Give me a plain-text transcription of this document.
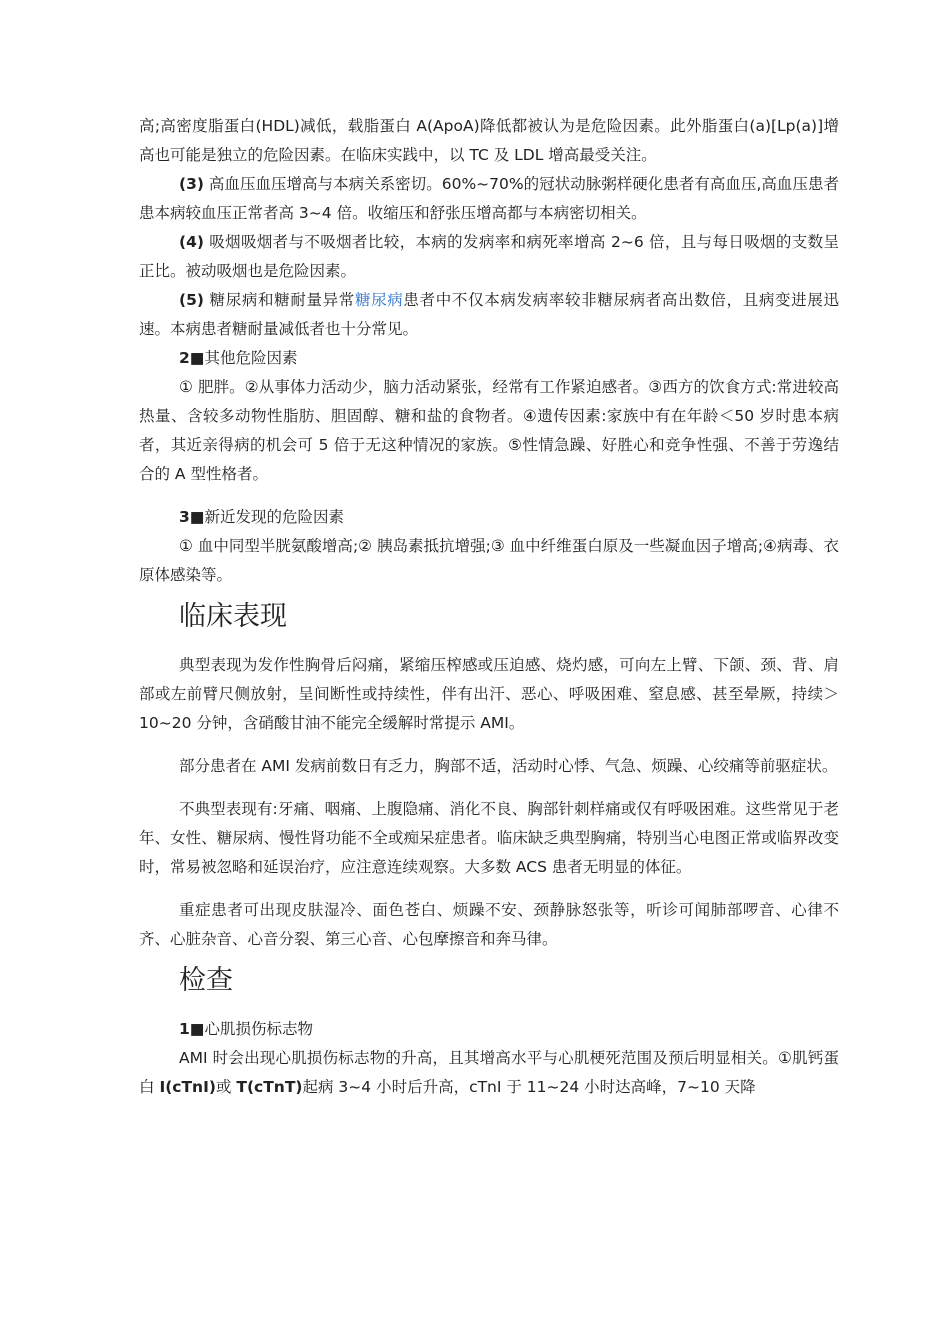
高;高密度脂蛋白(HDL)减低，载脂蛋白 A(ApoA)降低都被认为是危险因素。此外脂蛋白(a)[Lp(a)]增高也可能是独立的危险因素。在临床实践中，以 TC 及 LDL 增高最受关注。

(3) 高血压血压增高与本病关系密切。60%~70%的冠状动脉粥样硬化患者有高血压,高血压患者患本病较血压正常者高 3~4 倍。收缩压和舒张压增高都与本病密切相关。

(4) 吸烟吸烟者与不吸烟者比较，本病的发病率和病死率增高 2~6 倍，且与每日吸烟的支数呈正比。被动吸烟也是危险因素。

(5) 糖尿病和糖耐量异常糖尿病患者中不仅本病发病率较非糖尿病者高出数倍，且病变进展迅速。本病患者糖耐量减低者也十分常见。

2■其他危险因素

① 肥胖。②从事体力活动少，脑力活动紧张，经常有工作紧迫感者。③西方的饮食方式:常进较高热量、含较多动物性脂肪、胆固醇、糖和盐的食物者。④遗传因素:家族中有在年龄＜50 岁时患本病者，其近亲得病的机会可 5 倍于无这种情况的家族。⑤性情急躁、好胜心和竞争性强、不善于劳逸结合的 A 型性格者。

3■新近发现的危险因素

① 血中同型半胱氨酸增高;② 胰岛素抵抗增强;③ 血中纤维蛋白原及一些凝血因子增高;④病毒、衣原体感染等。

临床表现

典型表现为发作性胸骨后闷痛，紧缩压榨感或压迫感、烧灼感，可向左上臂、下颌、颈、背、肩部或左前臂尺侧放射，呈间断性或持续性，伴有出汗、恶心、呼吸困难、窒息感、甚至晕厥，持续＞10~20 分钟，含硝酸甘油不能完全缓解时常提示 AMI。

部分患者在 AMI 发病前数日有乏力，胸部不适，活动时心悸、气急、烦躁、心绞痛等前驱症状。

不典型表现有:牙痛、咽痛、上腹隐痛、消化不良、胸部针刺样痛或仅有呼吸困难。这些常见于老年、女性、糖尿病、慢性肾功能不全或痴呆症患者。临床缺乏典型胸痛，特别当心电图正常或临界改变时，常易被忽略和延误治疗，应注意连续观察。大多数 ACS 患者无明显的体征。

重症患者可出现皮肤湿冷、面色苍白、烦躁不安、颈静脉怒张等，听诊可闻肺部啰音、心律不齐、心脏杂音、心音分裂、第三心音、心包摩擦音和奔马律。

检查

1■心肌损伤标志物

AMI 时会出现心肌损伤标志物的升高，且其增高水平与心肌梗死范围及预后明显相关。①肌钙蛋白 I(cTnI)或 T(cTnT)起病 3~4 小时后升高，cTnI 于 11~24 小时达高峰，7~10 天降
